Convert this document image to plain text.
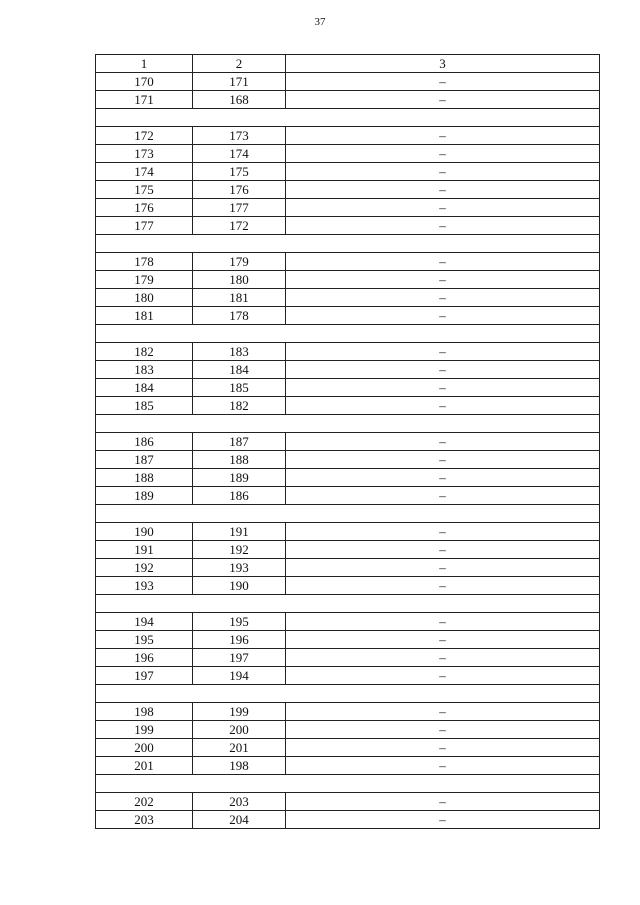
37
1	2	3
170	171	–
171	168	–

172	173	–
173	174	–
174	175	–
175	176	–
176	177	–
177	172	–

178	179	–
179	180	–
180	181	–
181	178	–

182	183	–
183	184	–
184	185	–
185	182	–

186	187	–
187	188	–
188	189	–
189	186	–

190	191	–
191	192	–
192	193	–
193	190	–

194	195	–
195	196	–
196	197	–
197	194	–

198	199	–
199	200	–
200	201	–
201	198	–

202	203	–
203	204	–
